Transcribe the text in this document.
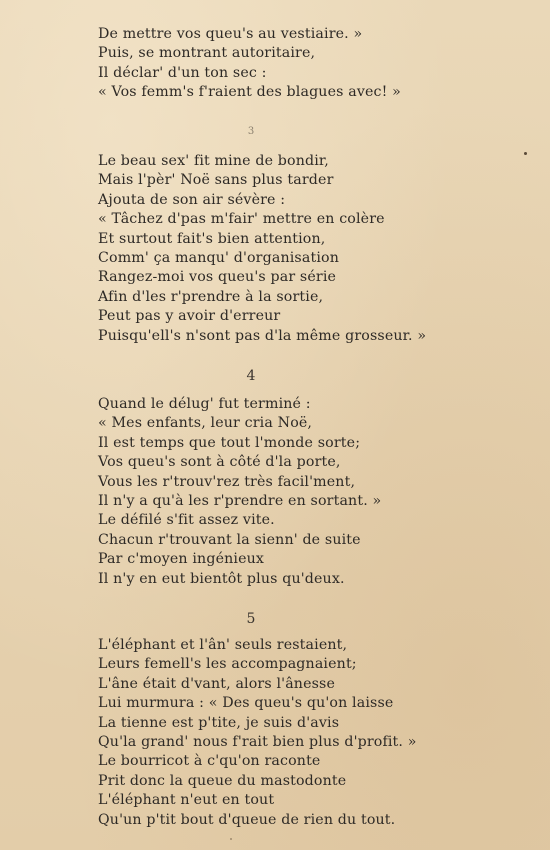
De mettre vos queu's au vestiaire. »
Puis, se montrant autoritaire,
Il déclar' d'un ton sec :
« Vos femm's f'raient des blagues avec! »
3
Le beau sex' fit mine de bondir,
Mais l'pèr' Noë sans plus tarder
Ajouta de son air sévère :
« Tâchez d'pas m'fair' mettre en colère
Et surtout fait's bien attention,
Comm' ça manqu' d'organisation
Rangez-moi vos queu's par série
Afin d'les r'prendre à la sortie,
Peut pas y avoir d'erreur
Puisqu'ell's n'sont pas d'la même grosseur. »
4
Quand le délug' fut terminé :
« Mes enfants, leur cria Noë,
Il est temps que tout l'monde sorte;
Vos queu's sont à côté d'la porte,
Vous les r'trouv'rez très facil'ment,
Il n'y a qu'à les r'prendre en sortant. »
Le défilé s'fit assez vite.
Chacun r'trouvant la sienn' de suite
Par c'moyen ingénieux
Il n'y en eut bientôt plus qu'deux.
5
L'éléphant et l'ân' seuls restaient,
Leurs femell's les accompagnaient;
L'âne était d'vant, alors l'ânesse
Lui murmura : « Des queu's qu'on laisse
La tienne est p'tite, je suis d'avis
Qu'la grand' nous f'rait bien plus d'profit. »
Le bourricot à c'qu'on raconte
Prit donc la queue du mastodonte
L'éléphant n'eut en tout
Qu'un p'tit bout d'queue de rien du tout.
